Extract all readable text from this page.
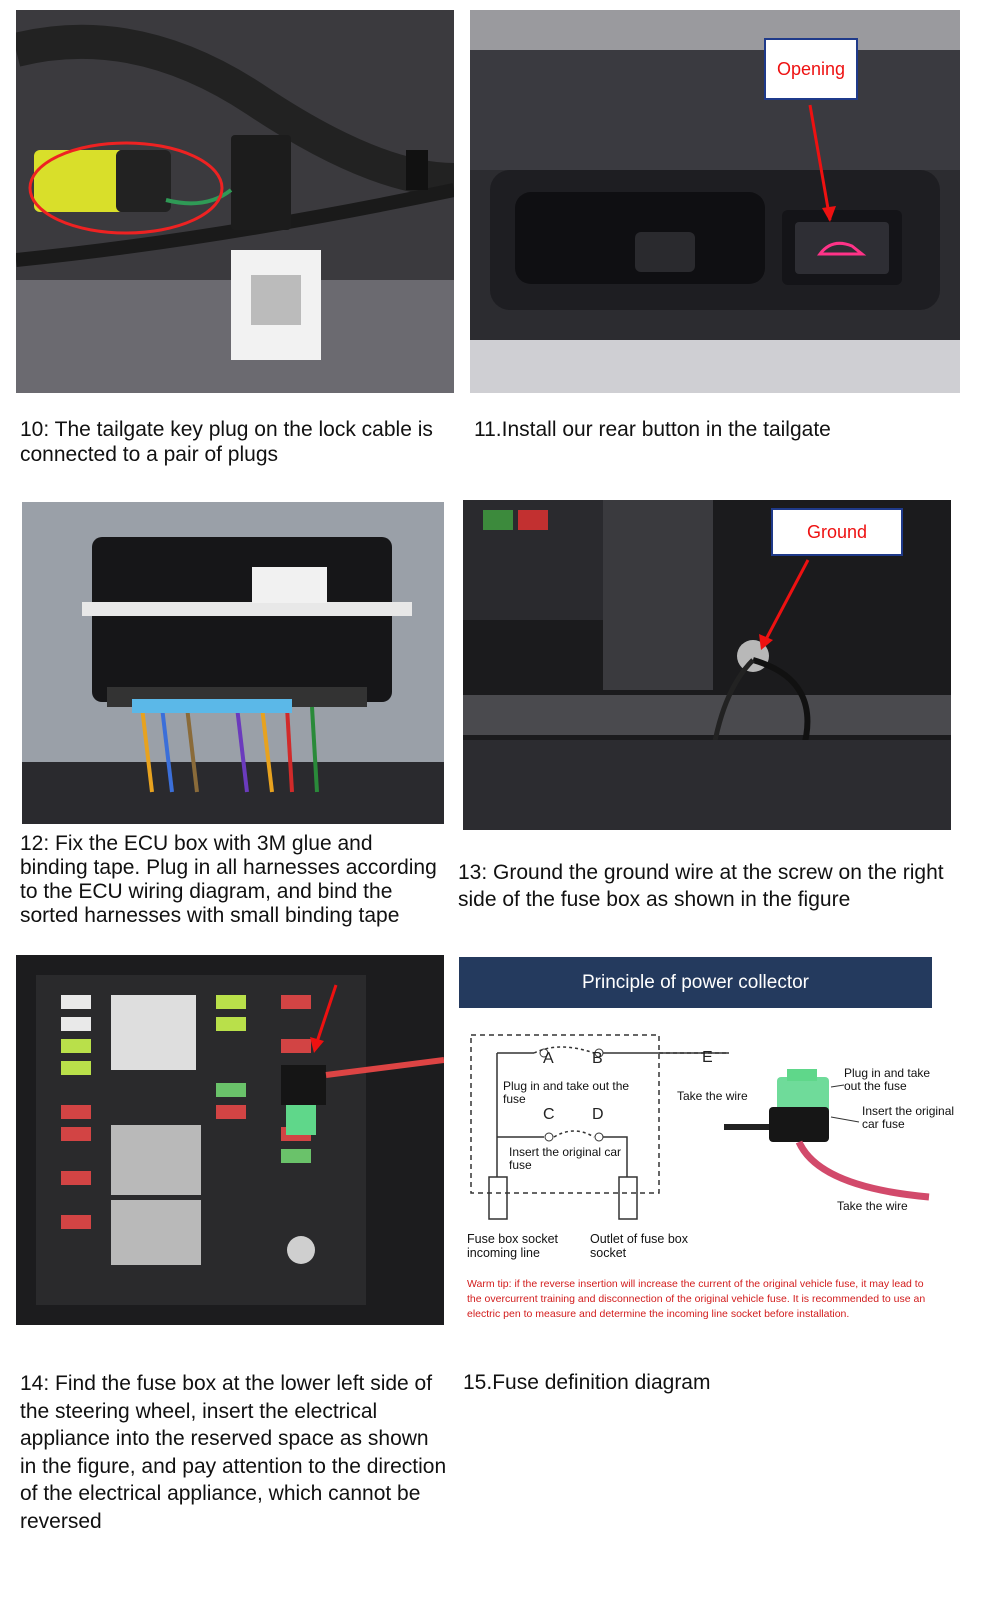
10: The tailgate key plug on the lock cable is connected to a pair of plugs

Opening

11.Install our rear button in the tailgate

12: Fix the ECU box with 3M glue and binding tape. Plug in all harnesses according to the ECU wiring diagram, and bind the sorted harnesses with small binding tape

Ground

13: Ground the ground wire at the screw on the right side of the fuse box as shown in the figure

14: Find the fuse box at the lower left side of the steering wheel, insert the electrical appliance into the reserved space as shown in the figure, and pay attention to the direction of the electrical appliance, which cannot be reversed

Principle of power collector
A B
C D
E
Plug in and take out the fuse
Insert the original car fuse
Take the wire
Plug in and take out the fuse
Insert the original car fuse
Take the wire
Fuse box socket incoming line
Outlet of fuse box socket
Warm tip: if the reverse insertion will increase the current of the original vehicle fuse, it may lead to the overcurrent training and disconnection of the original vehicle fuse. It is recommended to use an electric pen to measure and determine the incoming line socket before installation.

15.Fuse definition diagram
